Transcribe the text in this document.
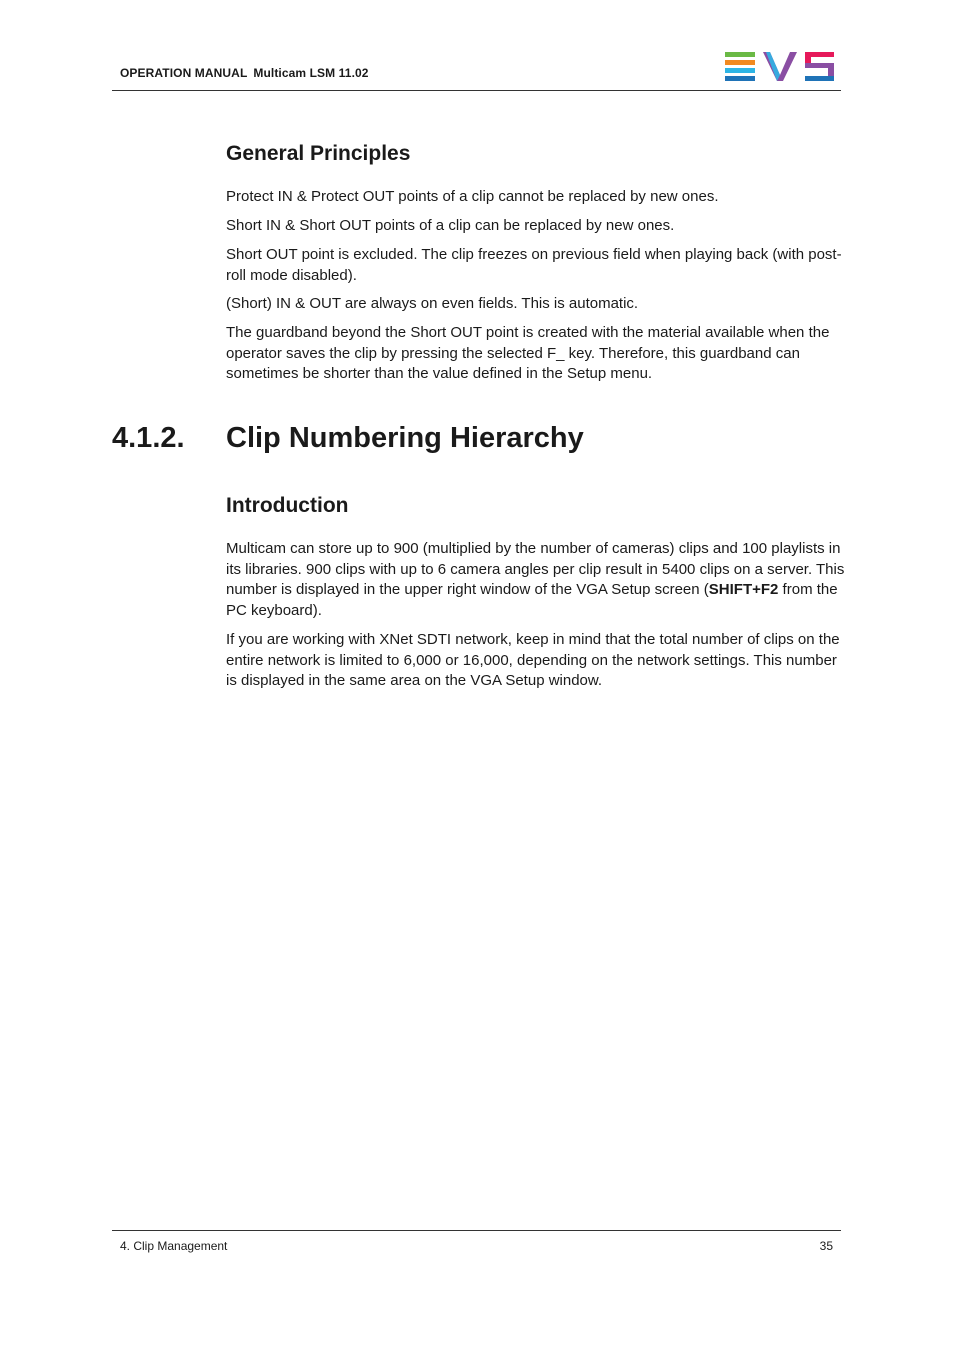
OPERATION MANUAL Multicam LSM 11.02
General Principles

Protect IN & Protect OUT points of a clip cannot be replaced by new ones.

Short IN & Short OUT points of a clip can be replaced by new ones.

Short OUT point is excluded. The clip freezes on previous field when playing back (with post-roll mode disabled).

(Short) IN & OUT are always on even fields. This is automatic.

The guardband beyond the Short OUT point is created with the material available when the operator saves the clip by pressing the selected F_ key. Therefore, this guardband can sometimes be shorter than the value defined in the Setup menu.

Introduction

Multicam can store up to 900 (multiplied by the number of cameras) clips and 100 playlists in its libraries. 900 clips with up to 6 camera angles per clip result in 5400 clips on a server. This number is displayed in the upper right window of the VGA Setup screen (SHIFT+F2 from the PC keyboard).

If you are working with XNet SDTI network, keep in mind that the total number of clips on the entire network is limited to 6,000 or 16,000, depending on the network settings. This number is displayed in the same area on the VGA Setup window.

4.1.2. Clip Numbering Hierarchy
4. Clip Management	35
